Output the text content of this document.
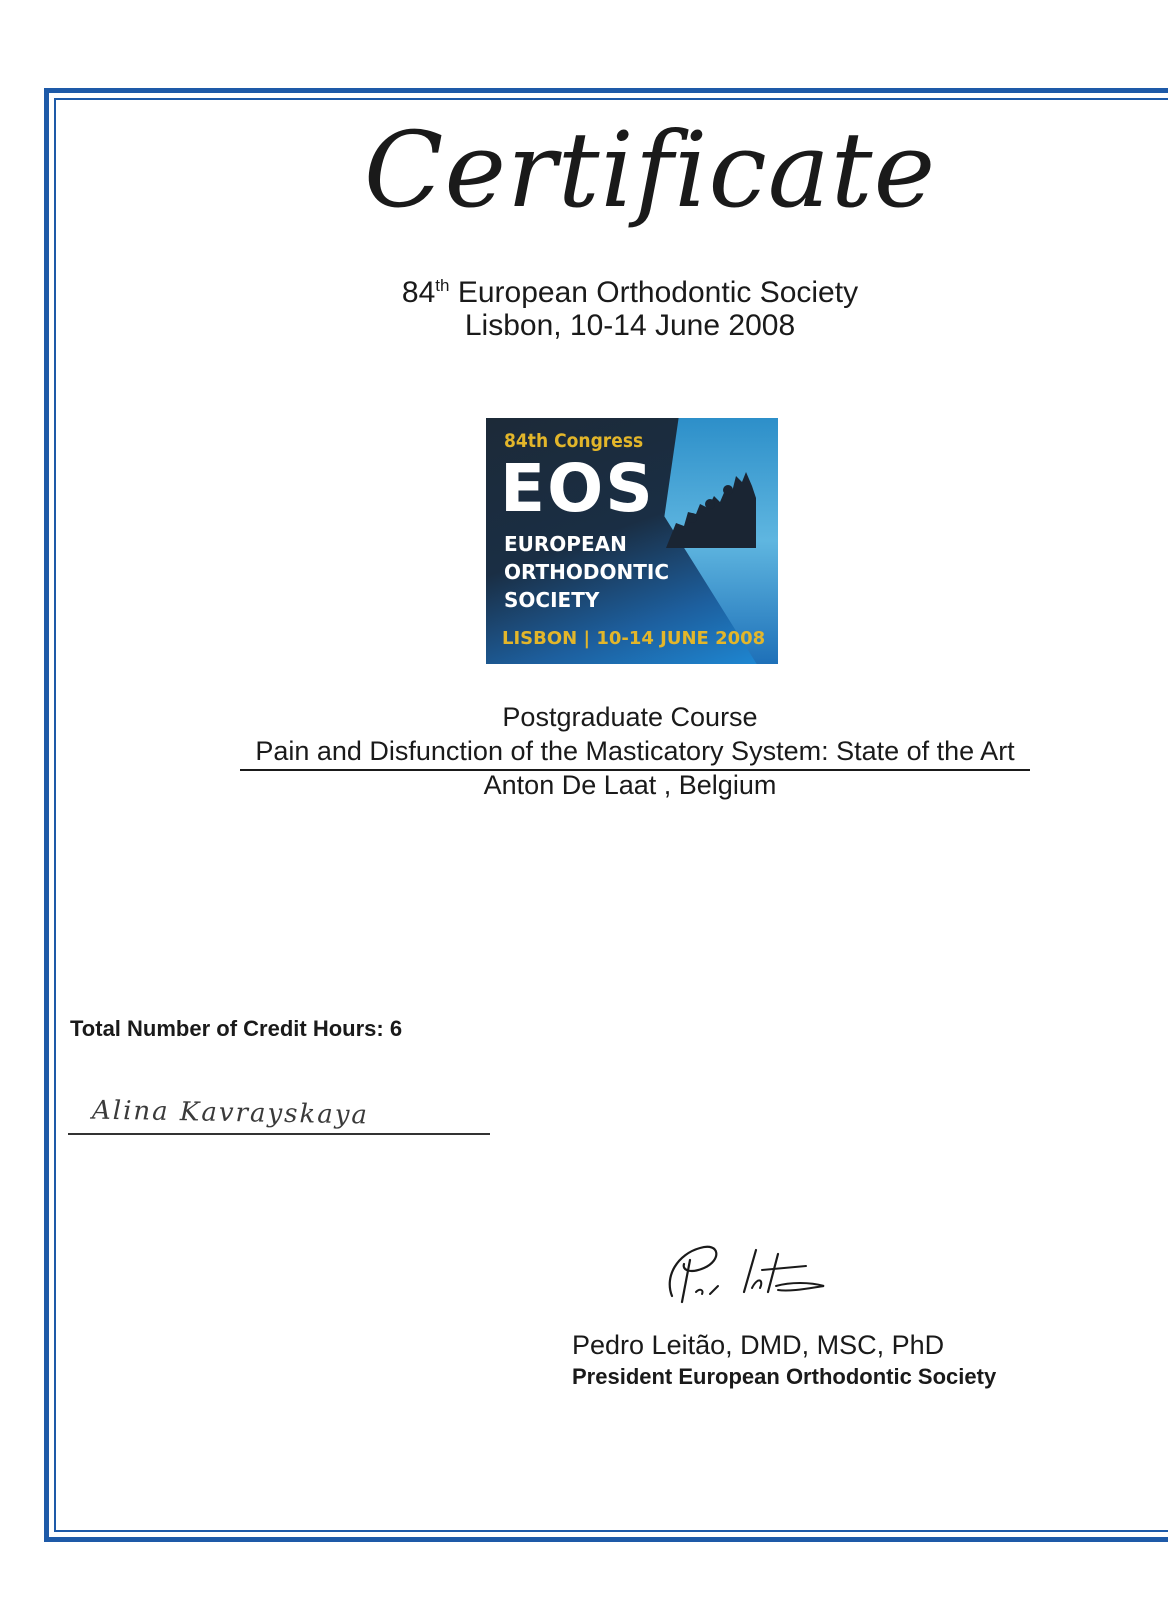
Certificate
84th European Orthodontic Society
Lisbon, 10-14 June 2008
84th Congress
EOS
EUROPEAN
ORTHODONTIC
SOCIETY
LISBON | 10-14 JUNE 2008
Postgraduate Course
Pain and Disfunction of the Masticatory System: State of the Art
Anton De Laat , Belgium
Total Number of Credit Hours: 6
Alina Kavrayskaya
Pedro Leitão, DMD, MSC, PhD
President European Orthodontic Society
